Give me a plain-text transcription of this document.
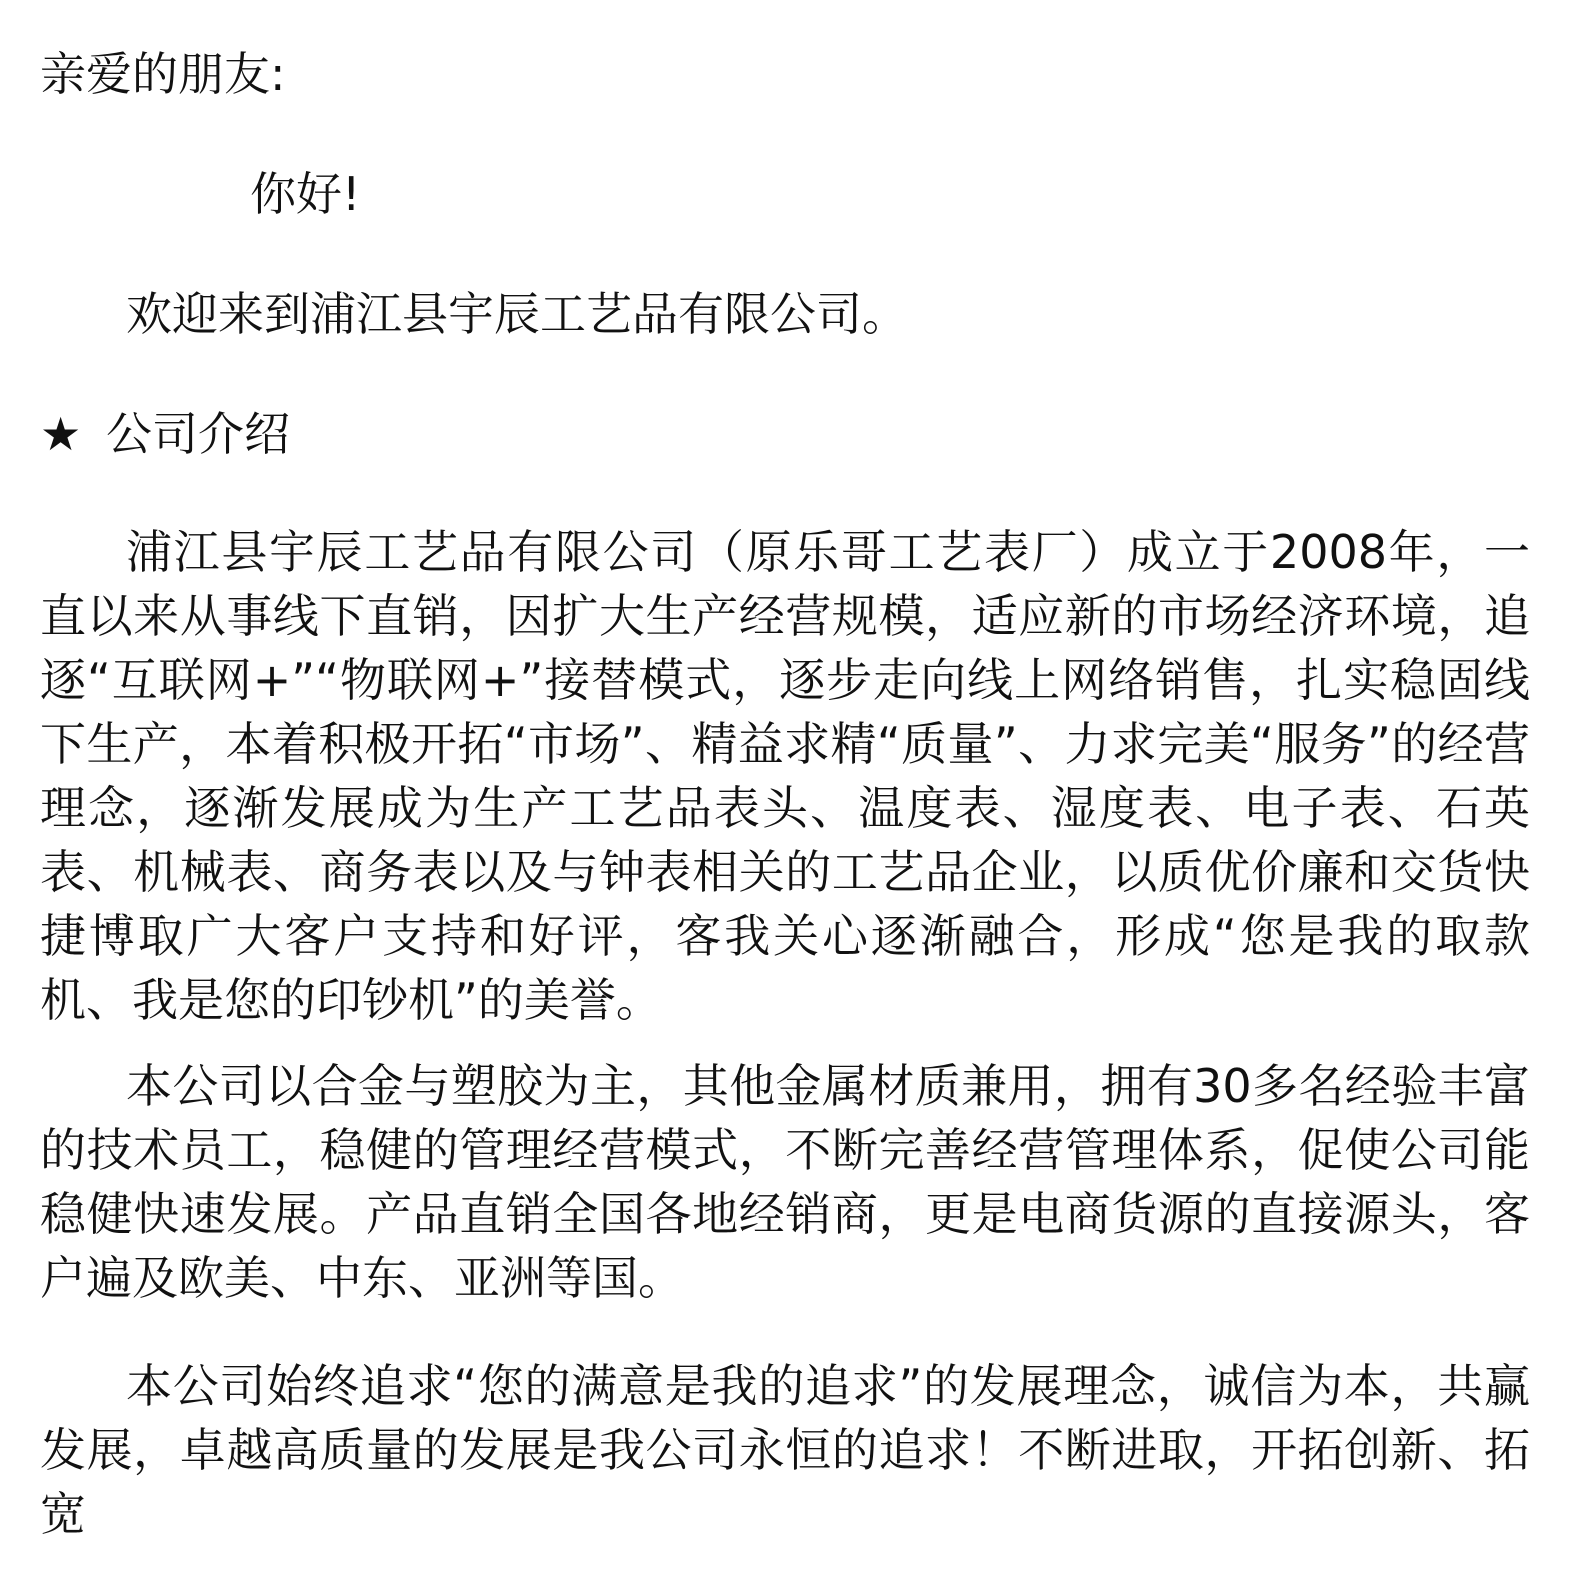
亲爱的朋友:
你好!
欢迎来到浦江县宇辰工艺品有限公司。
★ 公司介绍

浦江县宇辰工艺品有限公司（原乐哥工艺表厂）成立于2008年，一直以来从事线下直销，因扩大生产经营规模，适应新的市场经济环境，追逐“互联网+”“物联网+”接替模式，逐步走向线上网络销售，扎实稳固线下生产，本着积极开拓“市场”、精益求精“质量”、力求完美“服务”的经营理念，逐渐发展成为生产工艺品表头、温度表、湿度表、电子表、石英表、机械表、商务表以及与钟表相关的工艺品企业，以质优价廉和交货快捷博取广大客户支持和好评，客我关心逐渐融合，形成“您是我的取款机、我是您的印钞机”的美誉。

本公司以合金与塑胶为主，其他金属材质兼用，拥有30多名经验丰富的技术员工，稳健的管理经营模式，不断完善经营管理体系，促使公司能稳健快速发展。产品直销全国各地经销商，更是电商货源的直接源头，客户遍及欧美、中东、亚洲等国。

本公司始终追求“您的满意是我的追求”的发展理念，诚信为本，共赢发展，卓越高质量的发展是我公司永恒的追求！不断进取，开拓创新、拓宽
